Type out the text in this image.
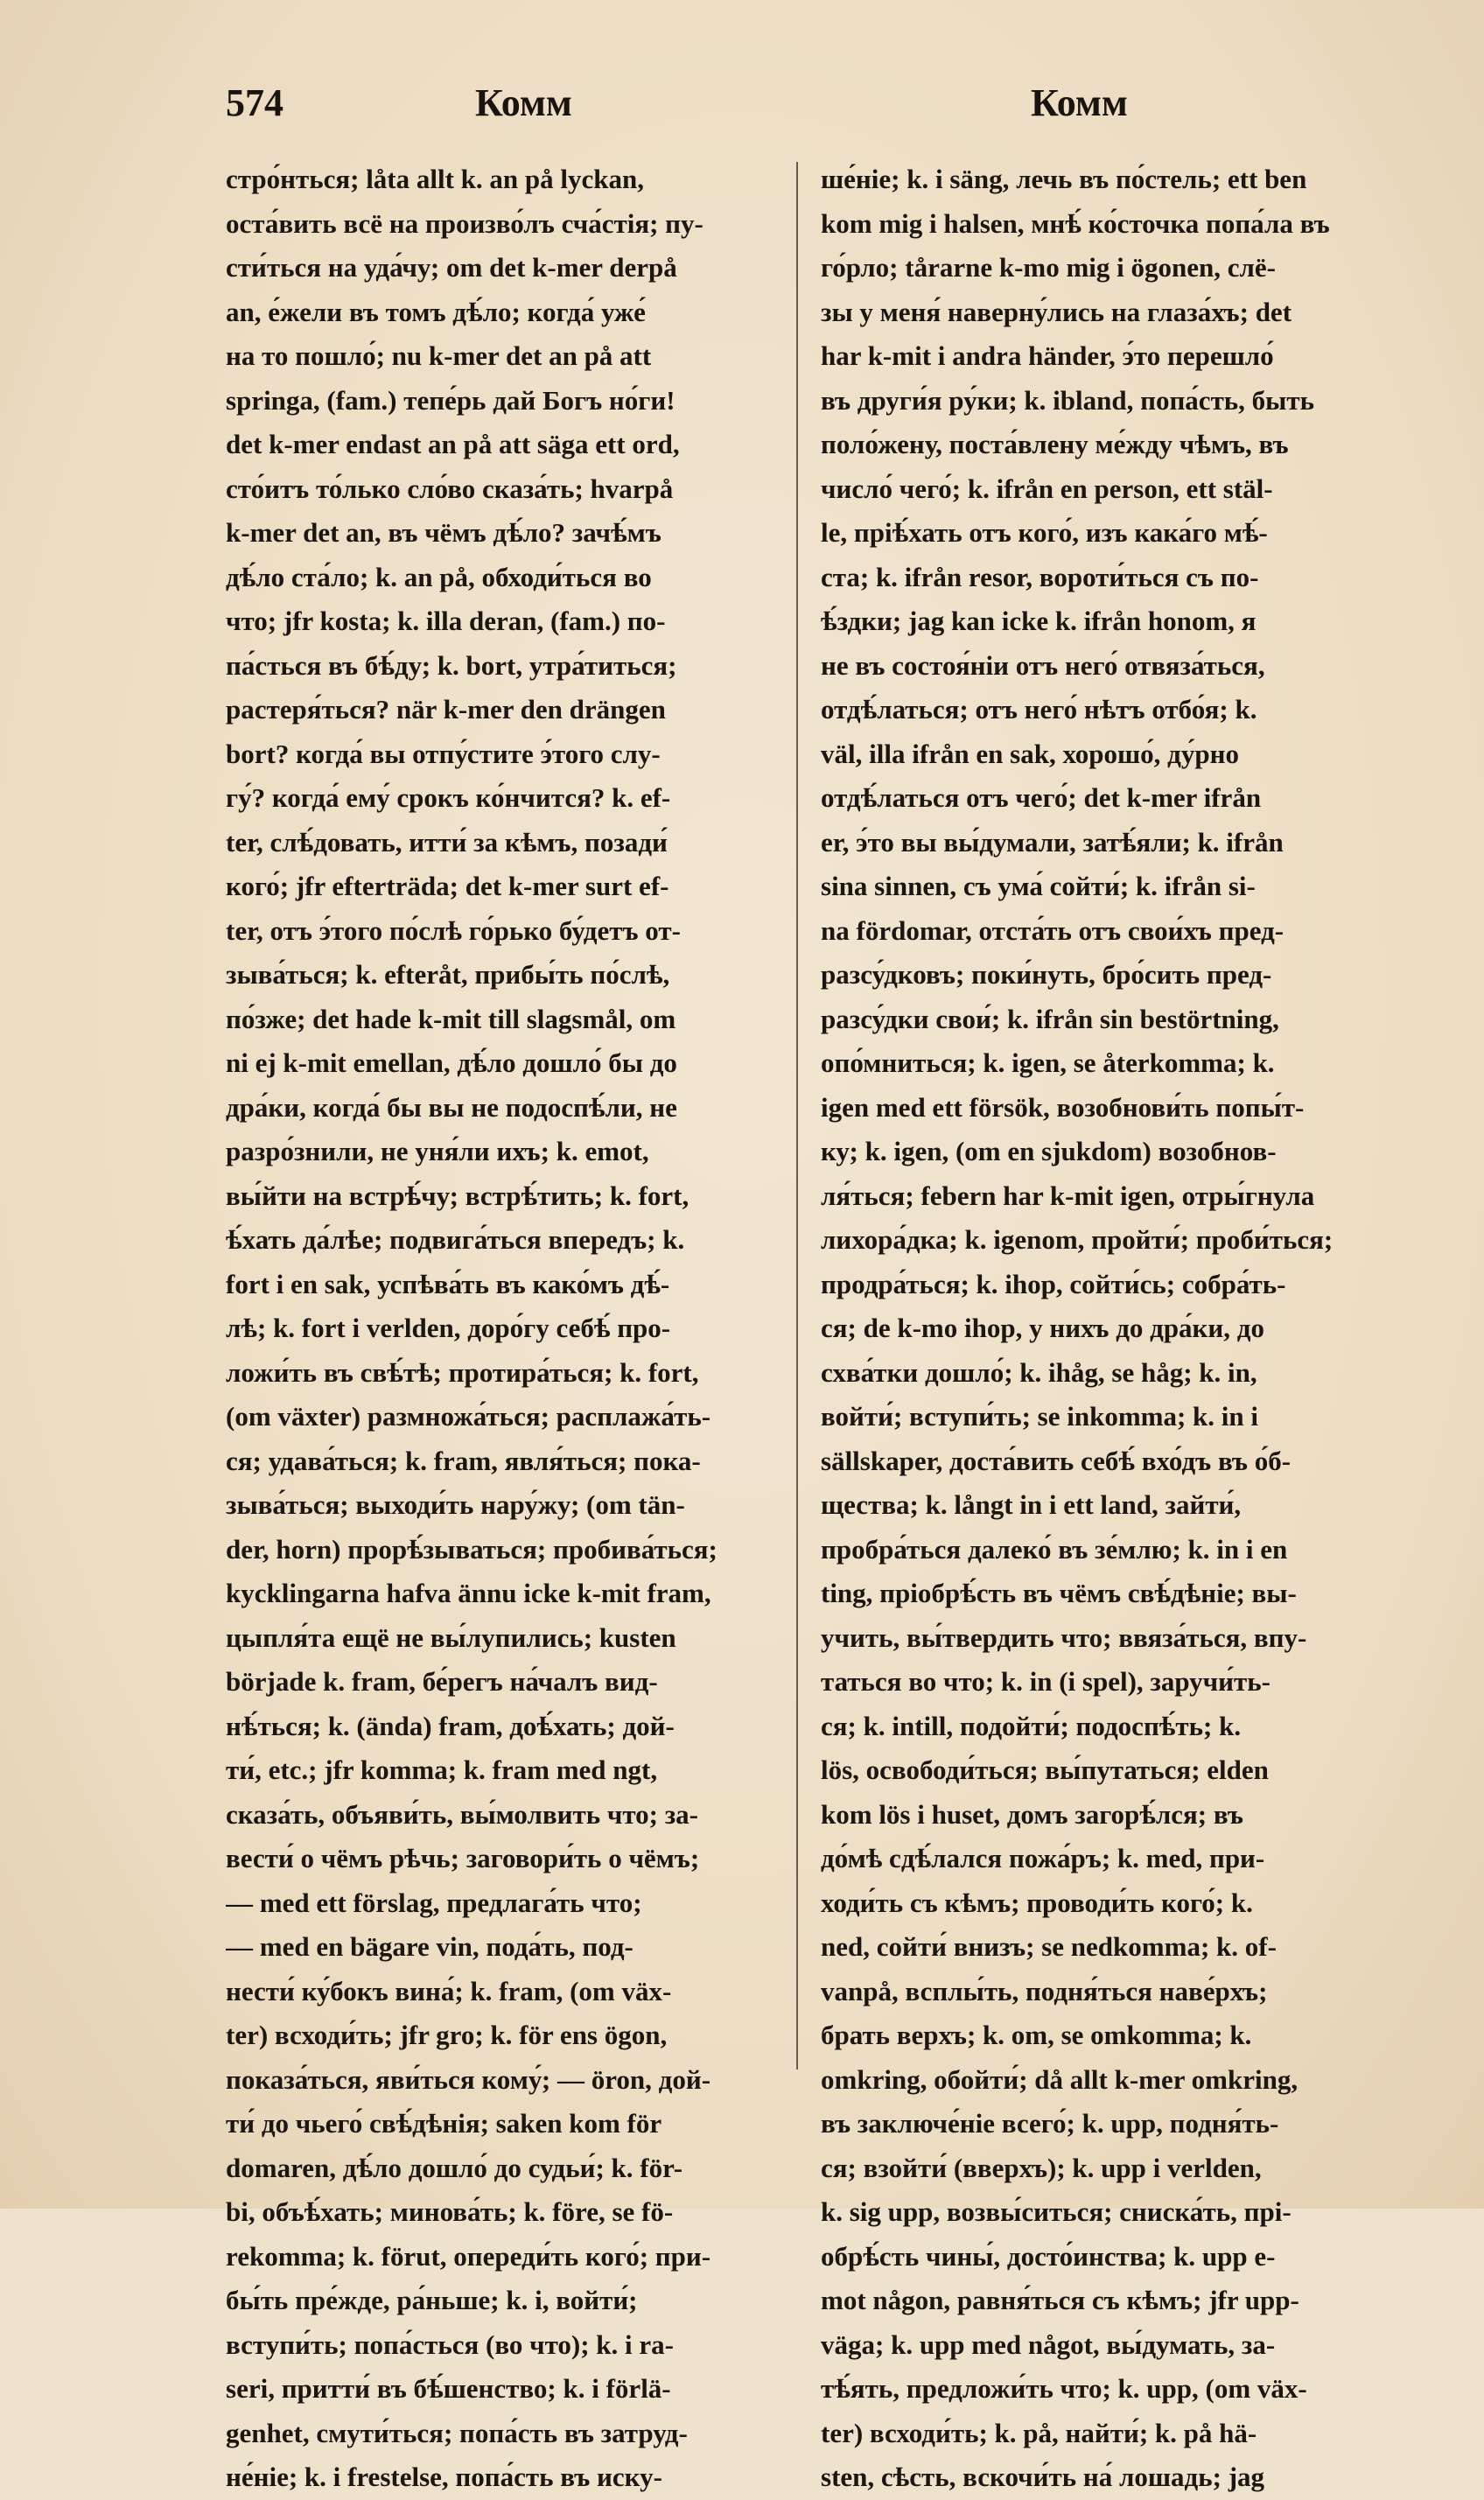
574	Комм	Комм
стро́нться; låta allt k. an på lyckan,
оста́вить всё на произво́лъ сча́стія; пу-
сти́ться на уда́чу; om det k-mer derpå
an, е́жели въ томъ дѣ́ло; когда́ уже́
на то пошло́; nu k-mer det an på att
springa, (fam.) тепе́рь дай Богъ но́ги!
det k-mer endast an på att säga ett ord,
сто́итъ то́лько сло́во сказа́ть; hvarpå
k-mer det an, въ чёмъ дѣ́ло? зачѣ́мъ
дѣ́ло ста́ло; k. an på, обходи́ться во
что; jfr kosta; k. illa deran, (fam.) по-
па́сться въ бѣ́ду; k. bort, утра́титься;
растеря́ться? när k-mer den drängen
bort? когда́ вы отпу́стите э́того слу-
гу́? когда́ ему́ срокъ ко́нчится? k. ef-
ter, слѣ́довать, итти́ за кѣмъ, позади́
кого́; jfr efterträda; det k-mer surt ef-
ter, отъ э́того по́слѣ го́рько бу́детъ от-
зыва́ться; k. efteråt, прибы́ть по́слѣ,
по́зже; det hade k-mit till slagsmål, om
ni ej k-mit emellan, дѣ́ло дошло́ бы до
дра́ки, когда́ бы вы не подоспѣ́ли, не
разро́знили, не уня́ли ихъ; k. emot,
вы́йти на встрѣ́чу; встрѣ́тить; k. fort,
ѣ́хать да́лѣе; подвига́ться впередъ; k.
fort i en sak, успѣва́ть въ како́мъ дѣ́-
лѣ; k. fort i verlden, доро́гу себѣ́ про-
ложи́ть въ свѣ́тѣ; протира́ться; k. fort,
(om växter) размножа́ться; расплажа́ть-
ся; удава́ться; k. fram, явля́ться; пока-
зыва́ться; выходи́ть нару́жу; (om tän-
der, horn) прорѣ́зываться; пробива́ться;
kycklingarna hafva ännu icke k-mit fram,
цыпля́та ещё не вы́лупились; kusten
började k. fram, бе́регъ на́чалъ вид-
нѣ́ться; k. (ända) fram, доѣ́хать; дой-
ти́, etc.; jfr komma; k. fram med ngt,
сказа́ть, объяви́ть, вы́молвить что; за-
вести́ о чёмъ рѣчь; заговори́ть о чёмъ;
— med ett förslag, предлага́ть что;
— med en bägare vin, пода́ть, под-
нести́ ку́бокъ вина́; k. fram, (om väx-
ter) всходи́ть; jfr gro; k. för ens ögon,
показа́ться, яви́ться кому́; — öron, дой-
ти́ до чьего́ свѣ́дѣнія; saken kom för
domaren, дѣ́ло дошло́ до судьи́; k. för-
bi, объѣ́хать; минова́ть; k. före, se fö-
rekomma; k. förut, опереди́ть кого́; при-
бы́ть пре́жде, ра́ньше; k. i, войти́;
вступи́ть; попа́сться (во что); k. i ra-
seri, притти́ въ бѣ́шенство; k. i förlä-
genhet, смути́ться; попа́сть въ затруд-
не́ніе; k. i frestelse, попа́сть въ иску-
ше́ніе; k. i säng, лечь въ по́стель; ett ben
kom mig i halsen, мнѣ́ ко́сточка попа́ла въ
го́рло; tårarne k-mo mig i ögonen, слё-
зы у меня́ наверну́лись на глаза́хъ; det
har k-mit i andra händer, э́то перешло́
въ други́я ру́ки; k. ibland, попа́сть, быть
поло́жену, поста́влену ме́жду чѣмъ, въ
число́ чего́; k. ifrån en person, ett stäl-
le, пріѣ́хать отъ кого́, изъ кака́го мѣ́-
ста; k. ifrån resor, вороти́ться съ по-
ѣ́здки; jag kan icke k. ifrån honom, я
не въ состоя́ніи отъ него́ отвяза́ться,
отдѣ́латься; отъ него́ нѣтъ отбо́я; k.
väl, illa ifrån en sak, хорошо́, ду́рно
отдѣ́латься отъ чего́; det k-mer ifrån
er, э́то вы вы́думали, затѣ́яли; k. ifrån
sina sinnen, съ ума́ сойти́; k. ifrån si-
na fördomar, отста́ть отъ свои́хъ пред-
разсу́дковъ; поки́нуть, бро́сить пред-
разсу́дки свои́; k. ifrån sin bestörtning,
опо́мниться; k. igen, se återkomma; k.
igen med ett försök, возобнови́ть попы́т-
ку; k. igen, (om en sjukdom) возобнов-
ля́ться; febern har k-mit igen, отры́гнула
лихора́дка; k. igenom, пройти́; проби́ться;
продра́ться; k. ihop, сойти́сь; собра́ть-
ся; de k-mo ihop, у нихъ до дра́ки, до
схва́тки дошло́; k. ihåg, se håg; k. in,
войти́; вступи́ть; se inkomma; k. in i
sällskaper, доста́вить себѣ́ вхо́дъ въ о́б-
щества; k. långt in i ett land, зайти́,
пробра́ться далеко́ въ зе́млю; k. in i en
ting, пріобрѣ́сть въ чёмъ свѣ́дѣніе; вы-
учить, вы́твердить что; ввяза́ться, впу-
таться во что; k. in (i spel), заручи́ть-
ся; k. intill, подойти́; подоспѣ́ть; k.
lös, освободи́ться; вы́путаться; elden
kom lös i huset, домъ загорѣ́лся; въ
до́мѣ сдѣ́лался пожа́ръ; k. med, при-
ходи́ть съ кѣмъ; проводи́ть кого́; k.
ned, сойти́ внизъ; se nedkomma; k. of-
vanpå, всплы́ть, подня́ться наве́рхъ;
брать верхъ; k. om, se omkomma; k.
omkring, обойти́; då allt k-mer omkring,
въ заключе́ніе всего́; k. upp, подня́ть-
ся; взойти́ (вверхъ); k. upp i verlden,
k. sig upp, возвы́ситься; сниска́ть, прі-
обрѣ́сть чины́, досто́инства; k. upp e-
mot någon, равня́ться съ кѣмъ; jfr upp-
väga; k. upp med något, вы́думать, за-
тѣ́ять, предложи́ть что; k. upp, (om väx-
ter) всходи́ть; k. på, найти́; k. på hä-
sten, сѣсть, вскочи́ть на́ лошадь; jag
